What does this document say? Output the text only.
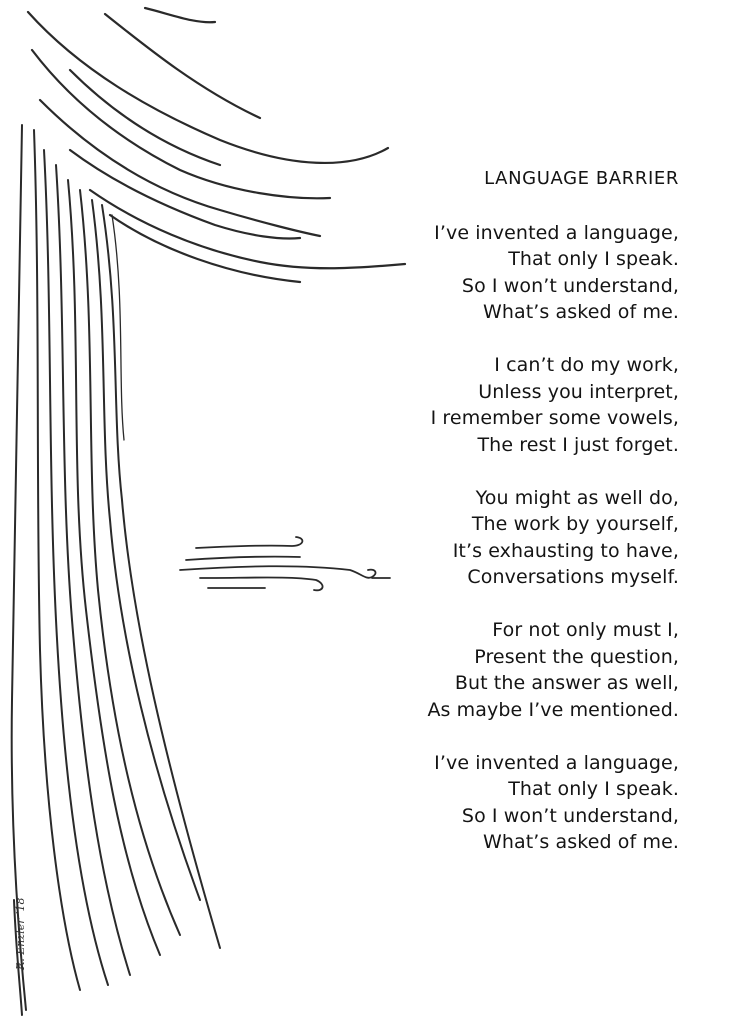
R. Enzler ’18
LANGUAGE BARRIER
I’ve invented a language,
That only I speak.
So I won’t understand,
What’s asked of me.
I can’t do my work,
Unless you interpret,
I remember some vowels,
The rest I just forget.
You might as well do,
The work by yourself,
It’s exhausting to have,
Conversations myself.
For not only must I,
Present the question,
But the answer as well,
As maybe I’ve mentioned.
I’ve invented a language,
That only I speak.
So I won’t understand,
What’s asked of me.
